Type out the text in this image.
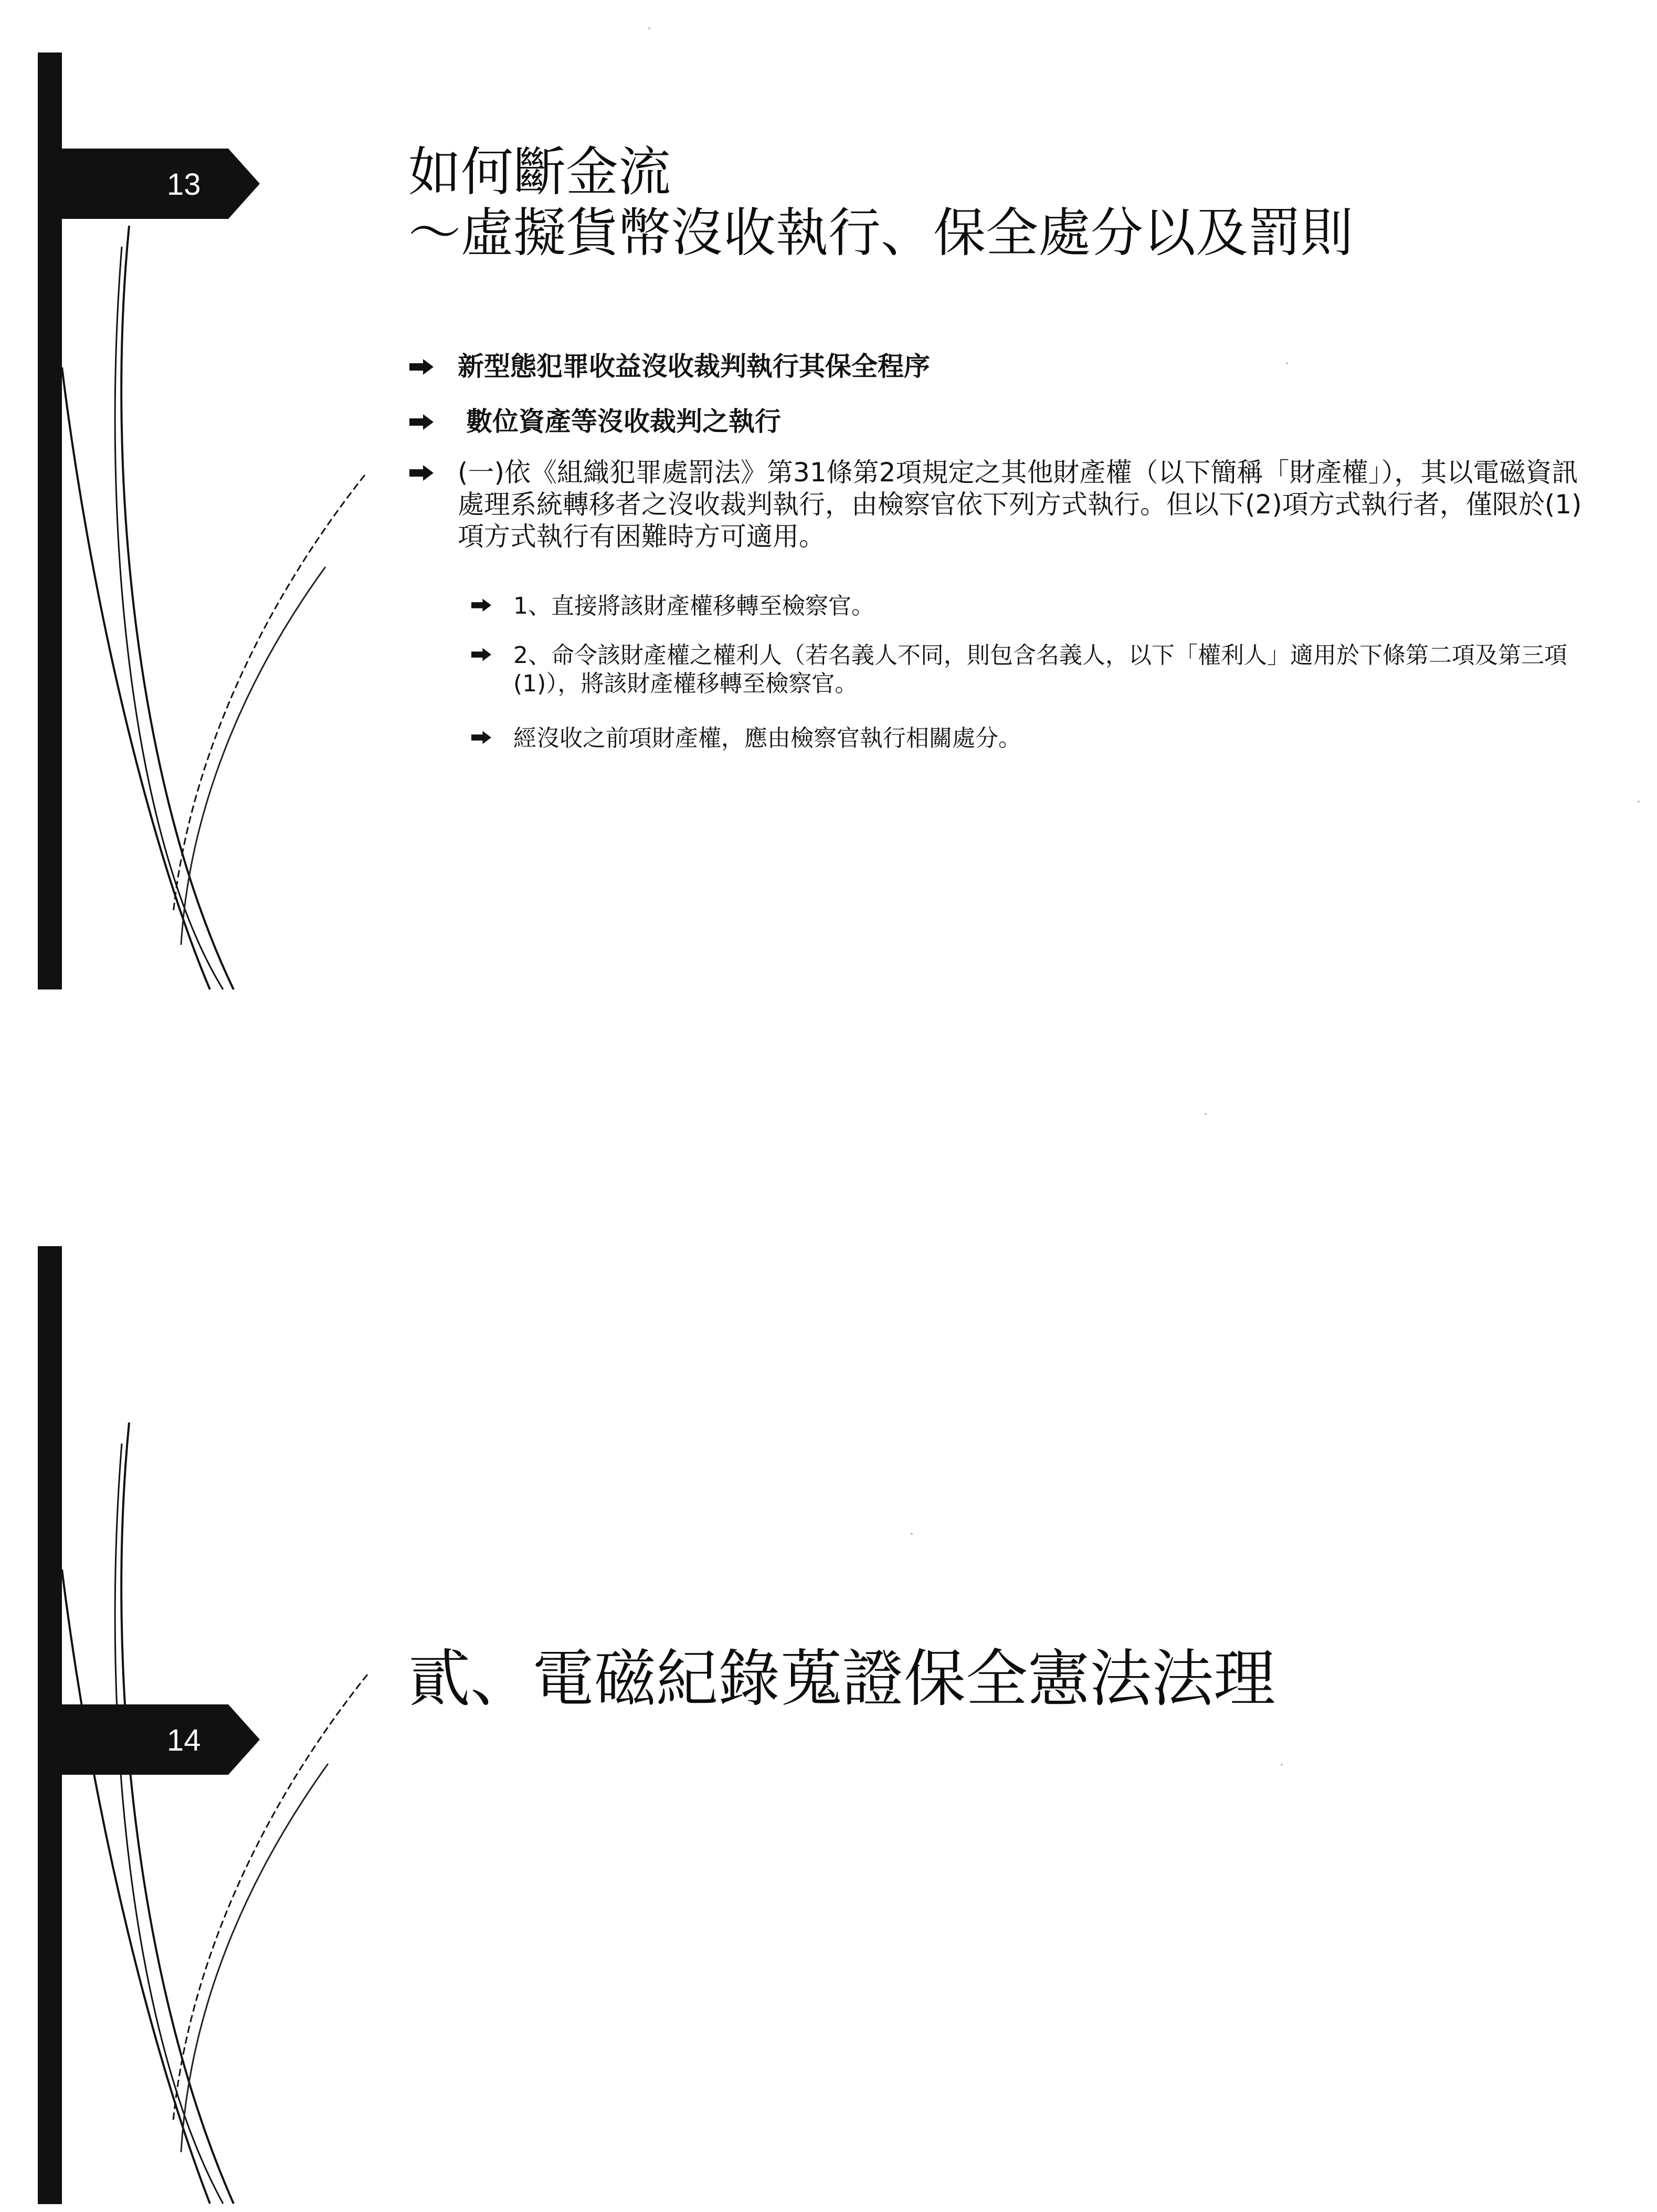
13	如何斷金流
～虛擬貨幣沒收執行、保全處分以及罰則
新型態犯罪收益沒收裁判執行其保全程序
數位資產等沒收裁判之執行
(一)依《組織犯罪處罰法》第31條第2項規定之其他財產權（以下簡稱「財產權」），其以電磁資訊處理系統轉移者之沒收裁判執行，由檢察官依下列方式執行。但以下(2)項方式執行者，僅限於(1)項方式執行有困難時方可適用。
1、直接將該財產權移轉至檢察官。
2、命令該財產權之權利人（若名義人不同，則包含名義人，以下「權利人」適用於下條第二項及第三項(1)），將該財產權移轉至檢察官。
經沒收之前項財產權，應由檢察官執行相關處分。
14
貳、電磁紀錄蒐證保全憲法法理
